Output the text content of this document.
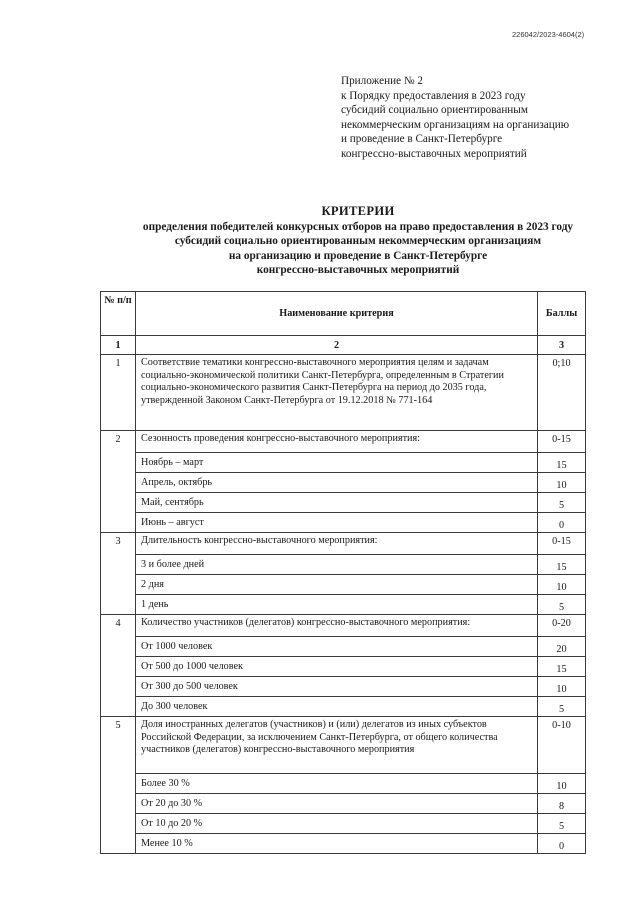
226042/2023-4604(2)
Приложение № 2
к Порядку предоставления в 2023 году
субсидий социально ориентированным
некоммерческим организациям на организацию
и проведение в Санкт-Петербурге
конгрессно-выставочных мероприятий
КРИТЕРИИ
определения победителей конкурсных отборов на право предоставления в 2023 году
субсидий социально ориентированным некоммерческим организациям
на организацию и проведение в Санкт-Петербурге
конгрессно-выставочных мероприятий
№ п/п	Наименование критерия	Баллы
1	2	3
1	Соответствие тематики конгрессно-выставочного мероприятия целям и задачам социально-экономической политики Санкт-Петербурга, определенным в Стратегии социально-экономического развития Санкт-Петербурга на период до 2035 года, утвержденной Законом Санкт-Петербурга от 19.12.2018 № 771-164	0;10
2	Сезонность проведения конгрессно-выставочного мероприятия:	0-15
	Ноябрь – март	15
	Апрель, октябрь	10
	Май, сентябрь	5
	Июнь – август	0
3	Длительность конгрессно-выставочного мероприятия:	0-15
	3 и более дней	15
	2 дня	10
	1 день	5
4	Количество участников (делегатов) конгрессно-выставочного мероприятия:	0-20
	От 1000 человек	20
	От 500 до 1000 человек	15
	От 300 до 500 человек	10
	До 300 человек	5
5	Доля иностранных делегатов (участников) и (или) делегатов из иных субъектов Российской Федерации, за исключением Санкт-Петербурга, от общего количества участников (делегатов) конгрессно-выставочного мероприятия	0-10
	Более 30 %	10
	От 20 до 30 %	8
	От 10 до 20 %	5
	Менее 10 %	0
